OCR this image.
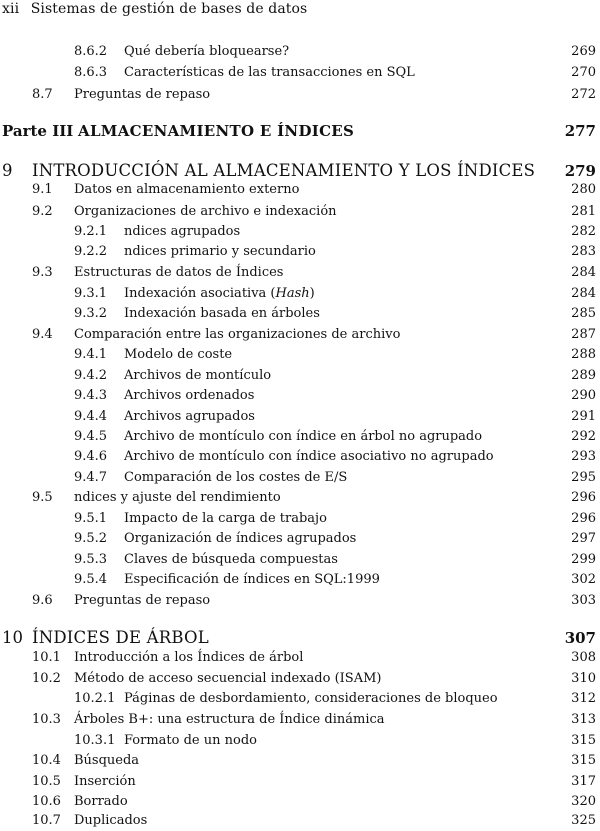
xii Sistemas de gestión de bases de datos
8.6.2 Qué debería bloquearse?	269
8.6.3 Características de las transacciones en SQL	270
8.7 Preguntas de repaso	272
Parte III ALMACENAMIENTO E ÍNDICES	277
9 INTRODUCCIÓN AL ALMACENAMIENTO Y LOS ÍNDICES 279
9.1 Datos en almacenamiento externo	280
9.2 Organizaciones de archivo e indexación	281
9.2.1 ndices agrupados	282
9.2.2 ndices primario y secundario	283
9.3 Estructuras de datos de Índices	284
9.3.1 Indexación asociativa (Hash)	284
9.3.2 Indexación basada en árboles	285
9.4 Comparación entre las organizaciones de archivo	287
9.4.1 Modelo de coste	288
9.4.2 Archivos de montículo	289
9.4.3 Archivos ordenados	290
9.4.4 Archivos agrupados	291
9.4.5 Archivo de montículo con índice en árbol no agrupado	292
9.4.6 Archivo de montículo con índice asociativo no agrupado	293
9.4.7 Comparación de los costes de E/S	295
9.5 ndices y ajuste del rendimiento	296
9.5.1 Impacto de la carga de trabajo	296
9.5.2 Organización de índices agrupados	297
9.5.3 Claves de búsqueda compuestas	299
9.5.4 Especificación de índices en SQL:1999	302
9.6 Preguntas de repaso	303
10 ÍNDICES DE ÁRBOL	307
10.1 Introducción a los Índices de árbol	308
10.2 Método de acceso secuencial indexado (ISAM)	310
10.2.1 Páginas de desbordamiento, consideraciones de bloqueo	312
10.3 Árboles B+: una estructura de Índice dinámica	313
10.3.1 Formato de un nodo	315
10.4 Búsqueda	315
10.5 Inserción	317
10.6 Borrado	320
10.7 Duplicados	325
